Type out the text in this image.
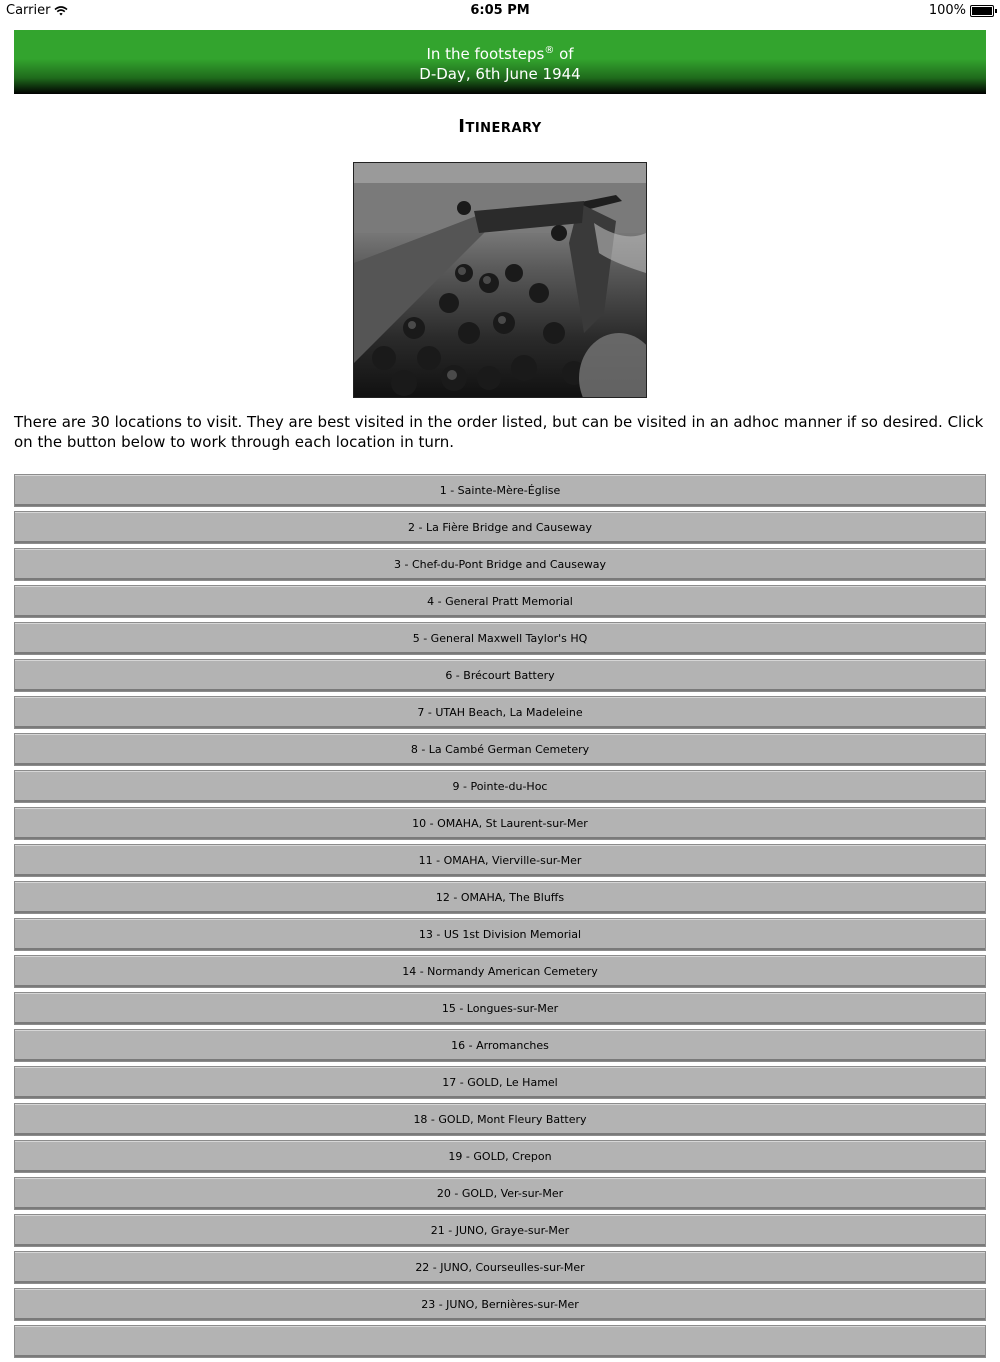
Carrier	6:05 PM	100%
In the footsteps® of
D-Day, 6th June 1944
Itinerary
There are 30 locations to visit. They are best visited in the order listed, but can be visited in an adhoc manner if so desired. Click on the button below to work through each location in turn.
1 - Sainte-Mère-Église
2 - La Fière Bridge and Causeway
3 - Chef-du-Pont Bridge and Causeway
4 - General Pratt Memorial
5 - General Maxwell Taylor's HQ
6 - Brécourt Battery
7 - UTAH Beach, La Madeleine
8 - La Cambé German Cemetery
9 - Pointe-du-Hoc
10 - OMAHA, St Laurent-sur-Mer
11 - OMAHA, Vierville-sur-Mer
12 - OMAHA, The Bluffs
13 - US 1st Division Memorial
14 - Normandy American Cemetery
15 - Longues-sur-Mer
16 - Arromanches
17 - GOLD, Le Hamel
18 - GOLD, Mont Fleury Battery
19 - GOLD, Crepon
20 - GOLD, Ver-sur-Mer
21 - JUNO, Graye-sur-Mer
22 - JUNO, Courseulles-sur-Mer
23 - JUNO, Bernières-sur-Mer
